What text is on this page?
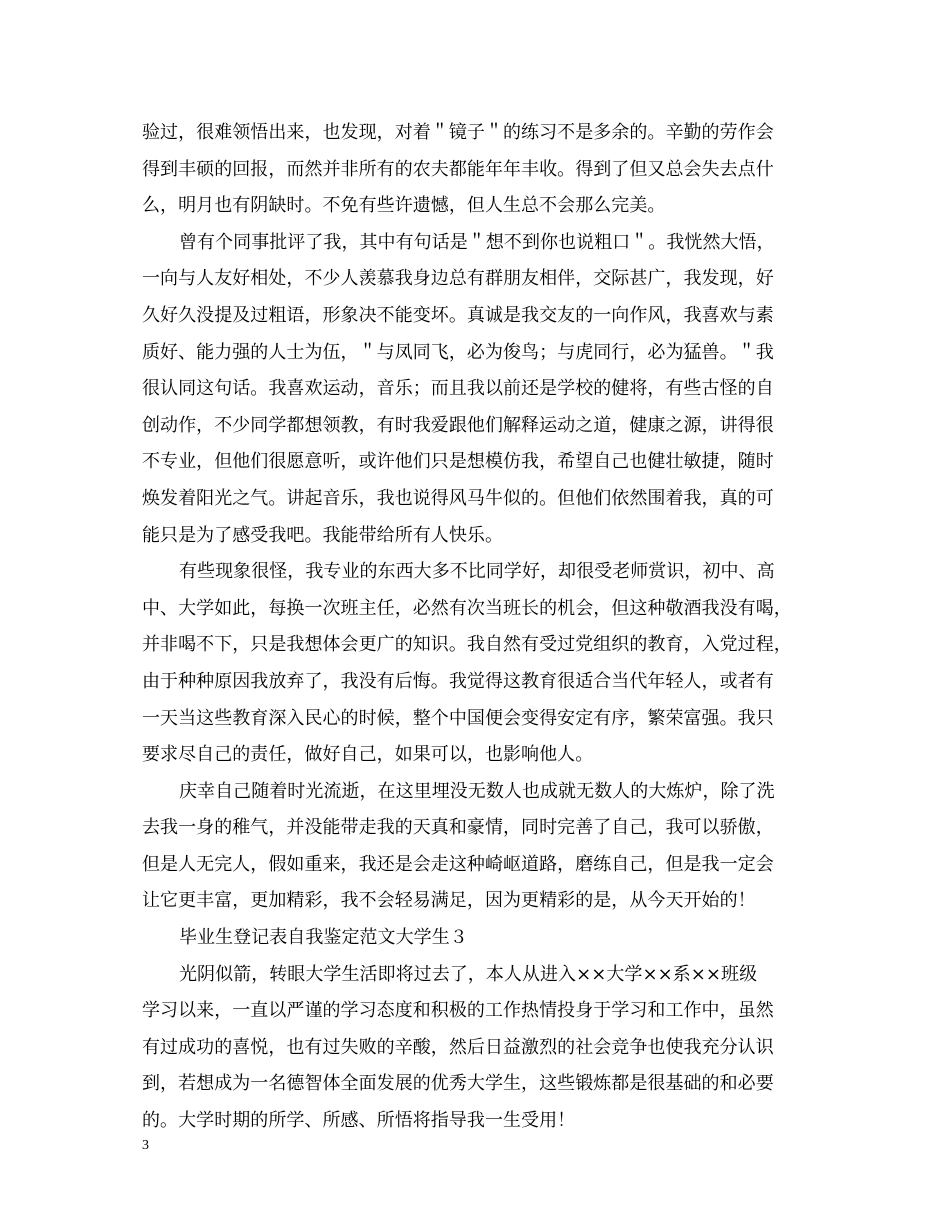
验过，很难领悟出来，也发现，对着＂镜子＂的练习不是多余的。辛勤的劳作会
得到丰硕的回报，而然并非所有的农夫都能年年丰收。得到了但又总会失去点什
么，明月也有阴缺时。不免有些许遗憾，但人生总不会那么完美。
曾有个同事批评了我，其中有句话是＂想不到你也说粗口＂。我恍然大悟，
一向与人友好相处，不少人羡慕我身边总有群朋友相伴，交际甚广，我发现，好
久好久没提及过粗语，形象决不能变坏。真诚是我交友的一向作风，我喜欢与素
质好、能力强的人士为伍，＂与凤同飞，必为俊鸟；与虎同行，必为猛兽。＂我
很认同这句话。我喜欢运动，音乐；而且我以前还是学校的健将，有些古怪的自
创动作，不少同学都想领教，有时我爱跟他们解释运动之道，健康之源，讲得很
不专业，但他们很愿意听，或许他们只是想模仿我，希望自己也健壮敏捷，随时
焕发着阳光之气。讲起音乐，我也说得风马牛似的。但他们依然围着我，真的可
能只是为了感受我吧。我能带给所有人快乐。
有些现象很怪，我专业的东西大多不比同学好，却很受老师赏识，初中、高
中、大学如此，每换一次班主任，必然有次当班长的机会，但这种敬酒我没有喝，
并非喝不下，只是我想体会更广的知识。我自然有受过党组织的教育，入党过程，
由于种种原因我放弃了，我没有后悔。我觉得这教育很适合当代年轻人，或者有
一天当这些教育深入民心的时候，整个中国便会变得安定有序，繁荣富强。我只
要求尽自己的责任，做好自己，如果可以，也影响他人。
庆幸自己随着时光流逝，在这里埋没无数人也成就无数人的大炼炉，除了洗
去我一身的稚气，并没能带走我的天真和豪情，同时完善了自己，我可以骄傲，
但是人无完人，假如重来，我还是会走这种崎岖道路，磨练自己，但是我一定会
让它更丰富，更加精彩，我不会轻易满足，因为更精彩的是，从今天开始的！
毕业生登记表自我鉴定范文大学生３
光阴似箭，转眼大学生活即将过去了，本人从进入××大学××系××班级
学习以来，一直以严谨的学习态度和积极的工作热情投身于学习和工作中，虽然
有过成功的喜悦，也有过失败的辛酸，然后日益激烈的社会竞争也使我充分认识
到，若想成为一名德智体全面发展的优秀大学生，这些锻炼都是很基础的和必要
的。大学时期的所学、所感、所悟将指导我一生受用！
3
